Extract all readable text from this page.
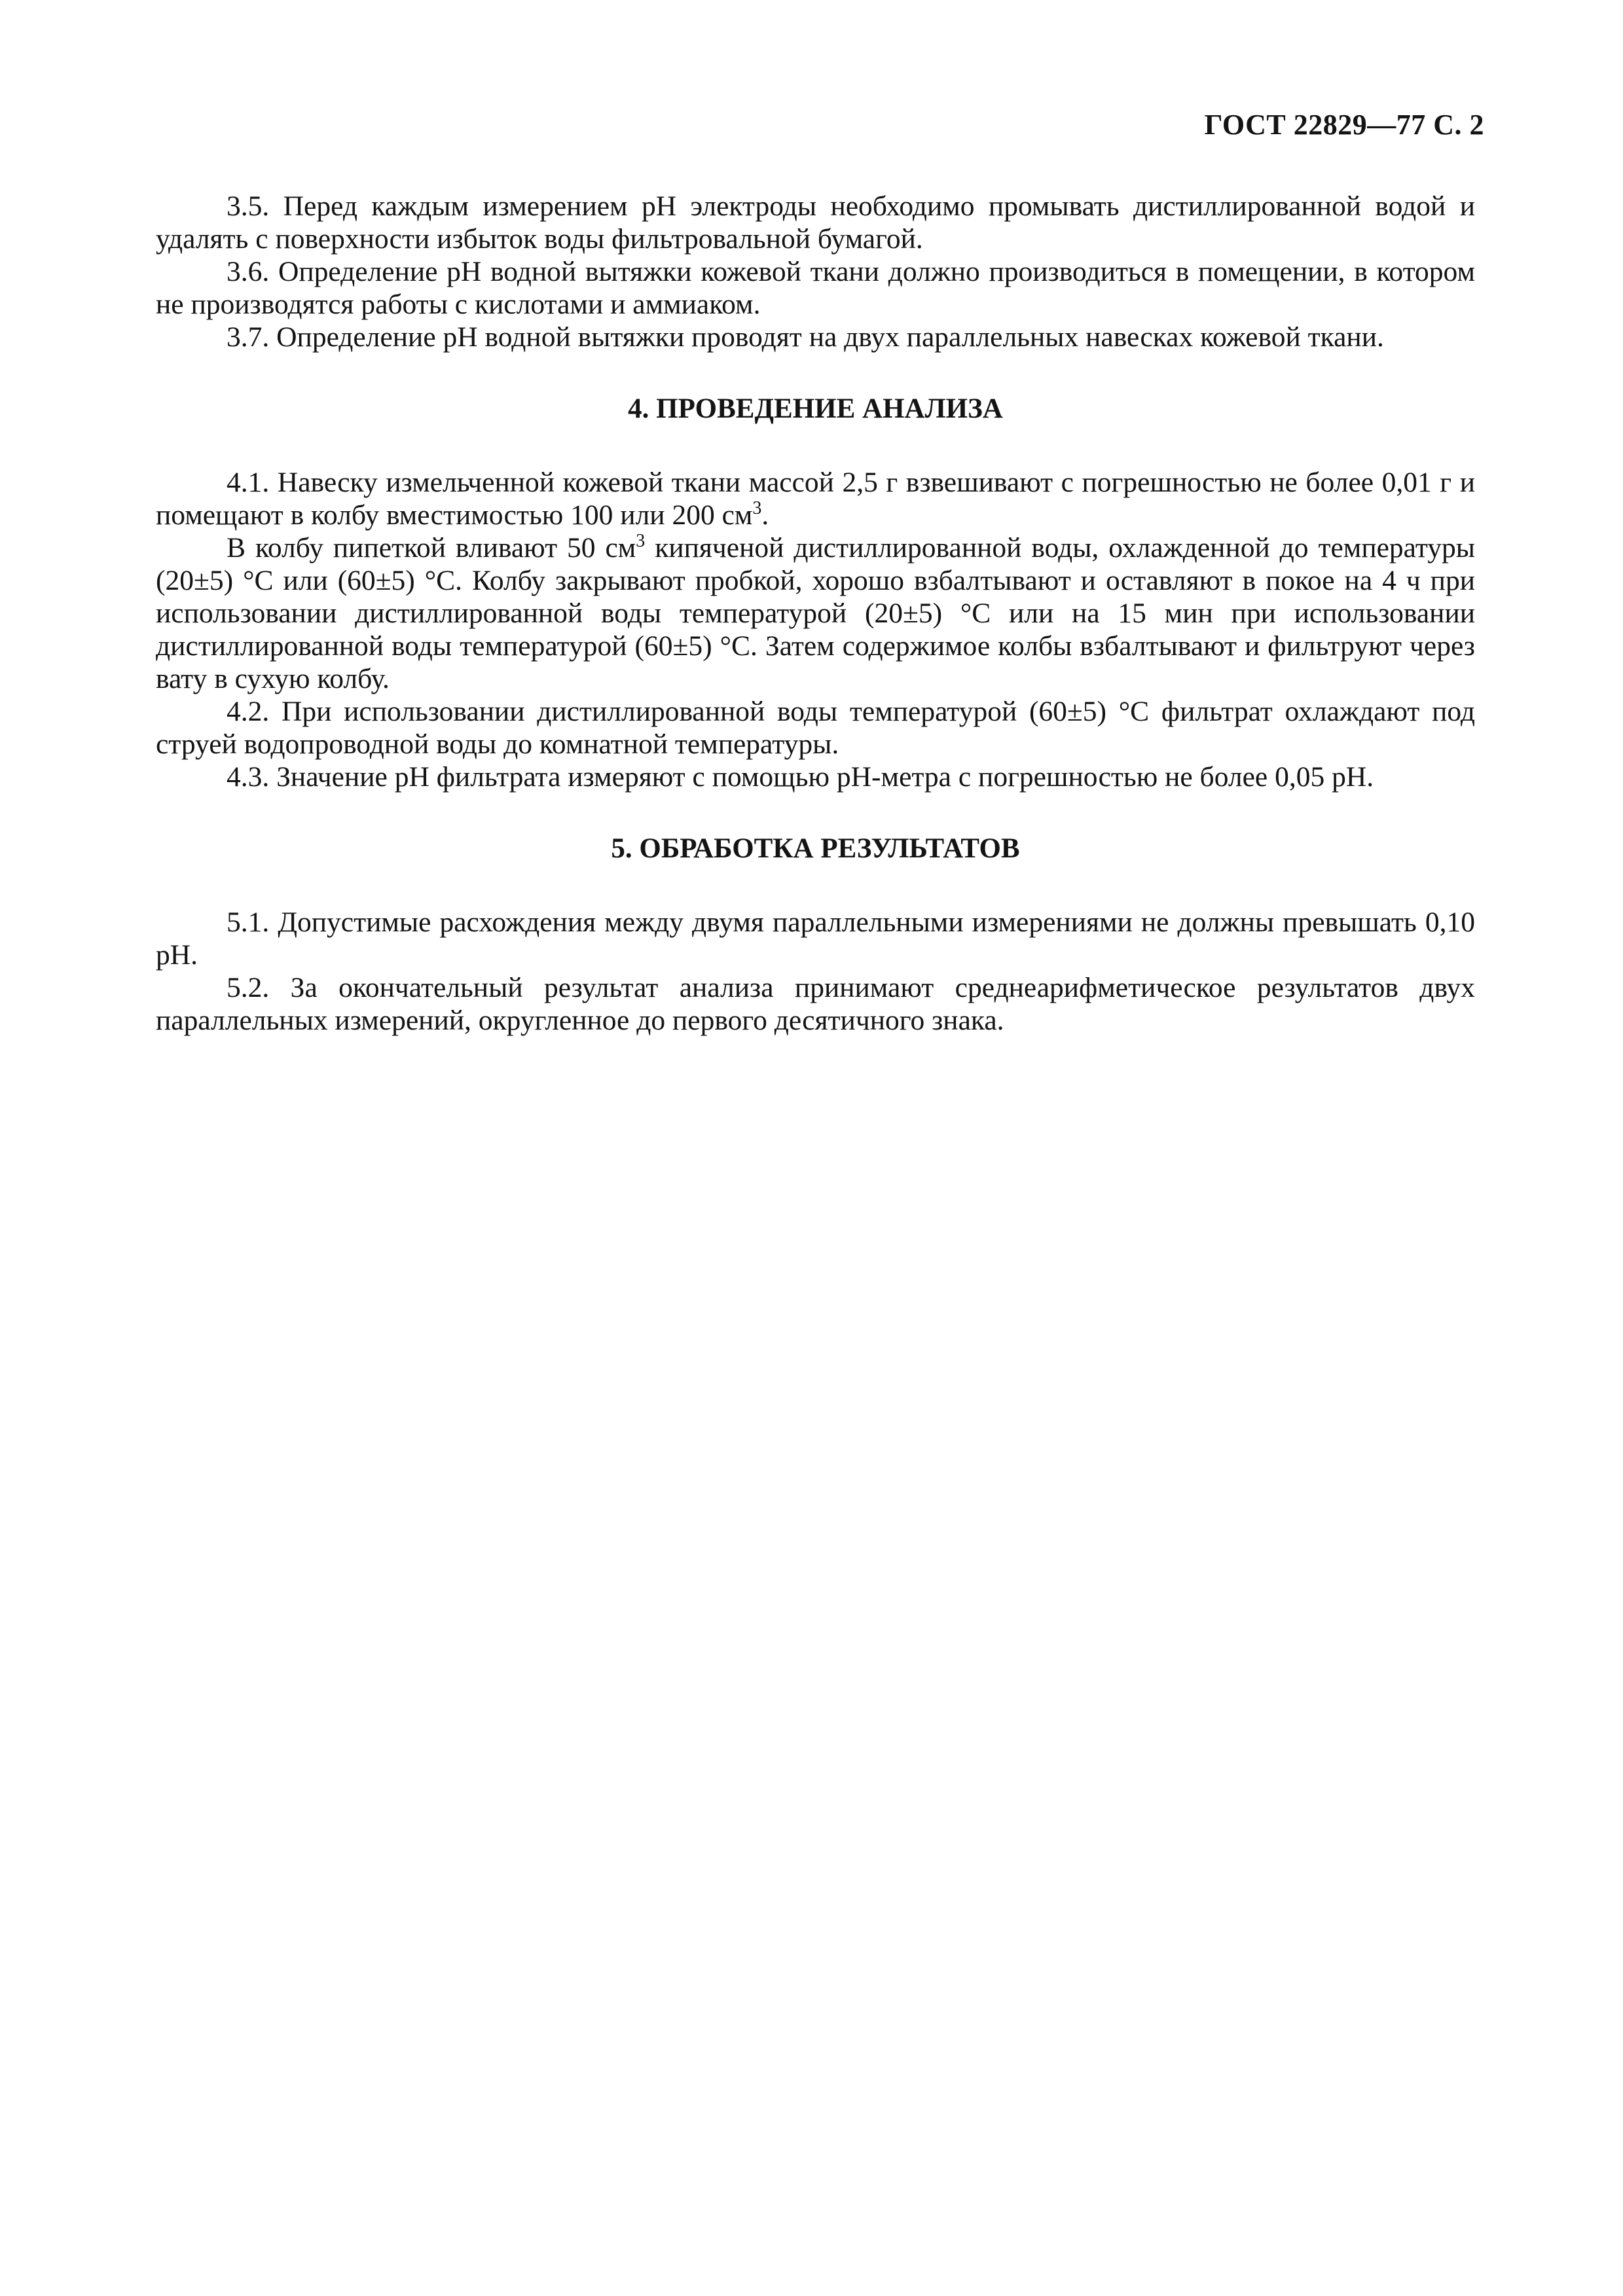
ГОСТ 22829—77 С. 2

3.5. Перед каждым измерением pH электроды необходимо промывать дистиллированной водой и удалять с поверхности избыток воды фильтровальной бумагой.

3.6. Определение pH водной вытяжки кожевой ткани должно производиться в помещении, в котором не производятся работы с кислотами и аммиаком.

3.7. Определение pH водной вытяжки проводят на двух параллельных навесках кожевой ткани.

4. ПРОВЕДЕНИЕ АНАЛИЗА

4.1. Навеску измельченной кожевой ткани массой 2,5 г взвешивают с погрешностью не более 0,01 г и помещают в колбу вместимостью 100 или 200 $см^3$.

В колбу пипеткой вливают 50 $см^3$ кипяченой дистиллированной воды, охлажденной до температуры (20±5) °С или (60±5) °С. Колбу закрывают пробкой, хорошо взбалтывают и оставляют в покое на 4 ч при использовании дистиллированной воды температурой (20±5) °С или на 15 мин при использовании дистиллированной воды температурой (60±5) °С. Затем содержимое колбы взбалтывают и фильтруют через вату в сухую колбу.

4.2. При использовании дистиллированной воды температурой (60±5) °С фильтрат охлаждают под струей водопроводной воды до комнатной температуры.

4.3. Значение pH фильтрата измеряют с помощью pH-метра с погрешностью не более 0,05 pH.

5. ОБРАБОТКА РЕЗУЛЬТАТОВ

5.1. Допустимые расхождения между двумя параллельными измерениями не должны превышать 0,10 pH.

5.2. За окончательный результат анализа принимают среднеарифметическое результатов двух параллельных измерений, округленное до первого десятичного знака.
